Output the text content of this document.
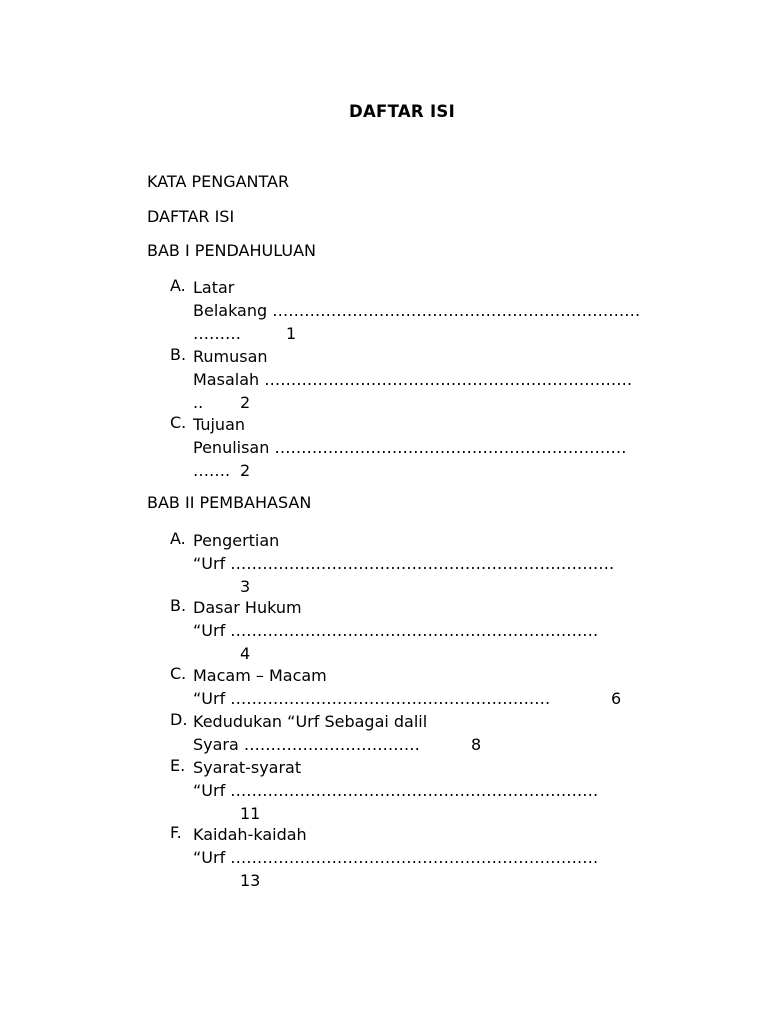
DAFTAR ISI
KATA PENGANTAR
DAFTAR ISI
BAB I PENDAHULUAN
A. Latar
Belakang ……………………………………………………………
………	1
B. Rumusan
Masalah ……………………………………………………………
.. 2
C. Tujuan
Penulisan …………………………………………………………
……. 2
BAB II PEMBAHASAN
A. Pengertian
“Urf ………………………………………………………………
3
B. Dasar Hukum
“Urf ……………………………………………………………
4
C. Macam – Macam
“Urf ……………………………………………………	6
D. Kedudukan “Urf Sebagai dalil
Syara ……………………………	8
E. Syarat-syarat
“Urf ……………………………………………………………
11
F. Kaidah-kaidah
“Urf ……………………………………………………………
13
